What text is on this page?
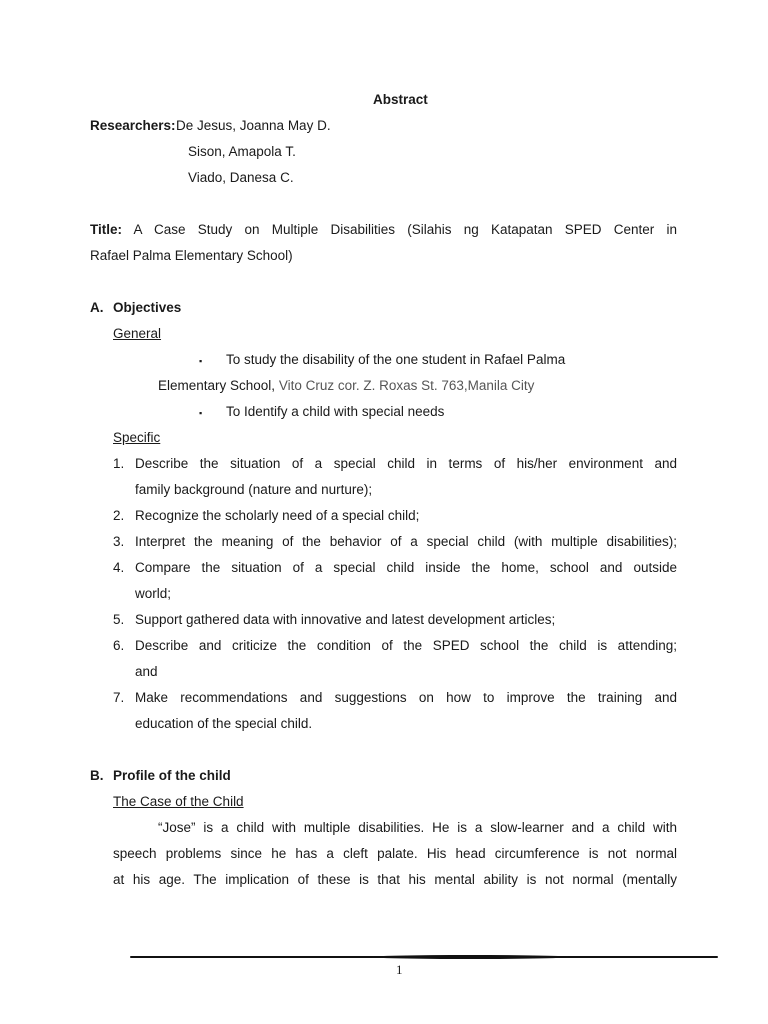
Abstract
Researchers: De Jesus, Joanna May D.
Sison, Amapola T.
Viado, Danesa C.
Title: A Case Study on Multiple Disabilities (Silahis ng Katapatan SPED Center in
Rafael Palma Elementary School)
A. Objectives
General
▪ To study the disability of the one student in Rafael Palma
Elementary School, Vito Cruz cor. Z. Roxas St. 763,Manila City
▪ To Identify a child with special needs
Specific
1. Describe the situation of a special child in terms of his/her environment and
family background (nature and nurture);
2. Recognize the scholarly need of a special child;
3. Interpret the meaning of the behavior of a special child (with multiple disabilities);
4. Compare the situation of a special child inside the home, school and outside
world;
5. Support gathered data with innovative and latest development articles;
6. Describe and criticize the condition of the SPED school the child is attending;
and
7. Make recommendations and suggestions on how to improve the training and
education of the special child.
B. Profile of the child
The Case of the Child
“Jose” is a child with multiple disabilities. He is a slow-learner and a child with
speech problems since he has a cleft palate. His head circumference is not normal
at his age. The implication of these is that his mental ability is not normal (mentally
1
